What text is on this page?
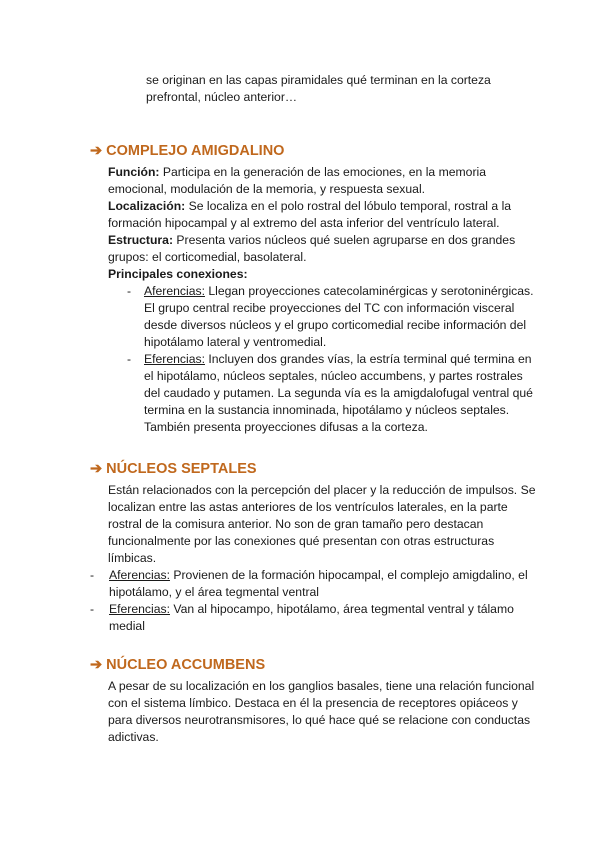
se originan en las capas piramidales qué terminan en la corteza

prefrontal, núcleo anterior…

➔ COMPLEJO AMIGDALINO

Función: Participa en la generación de las emociones, en la memoria emocional, modulación de la memoria, y respuesta sexual.

Localización: Se localiza en el polo rostral del lóbulo temporal, rostral a la formación hipocampal y al extremo del asta inferior del ventrículo lateral.

Estructura: Presenta varios núcleos qué suelen agruparse en dos grandes grupos: el corticomedial, basolateral.

Principales conexiones:

- Aferencias: Llegan proyecciones catecolaminérgicas y serotoninérgicas. El grupo central recibe proyecciones del TC con información visceral desde diversos núcleos y el grupo corticomedial recibe información del hipotálamo lateral y ventromedial.
- Eferencias: Incluyen dos grandes vías, la estría terminal qué termina en el hipotálamo, núcleos septales, núcleo accumbens, y partes rostrales del caudado y putamen. La segunda vía es la amigdalofugal ventral qué termina en la sustancia innominada, hipotálamo y núcleos septales. También presenta proyecciones difusas a la corteza.
➔ NÚCLEOS SEPTALES

Están relacionados con la percepción del placer y la reducción de impulsos. Se localizan entre las astas anteriores de los ventrículos laterales, en la parte rostral de la comisura anterior. No son de gran tamaño pero destacan funcionalmente por las conexiones qué presentan con otras estructuras límbicas.

- Aferencias: Provienen de la formación hipocampal, el complejo amigdalino, el hipotálamo, y el área tegmental ventral
- Eferencias: Van al hipocampo, hipotálamo, área tegmental ventral y tálamo medial
➔ NÚCLEO ACCUMBENS

A pesar de su localización en los ganglios basales, tiene una relación funcional con el sistema límbico. Destaca en él la presencia de receptores opiáceos y para diversos neurotransmisores, lo qué hace qué se relacione con conductas adictivas.
